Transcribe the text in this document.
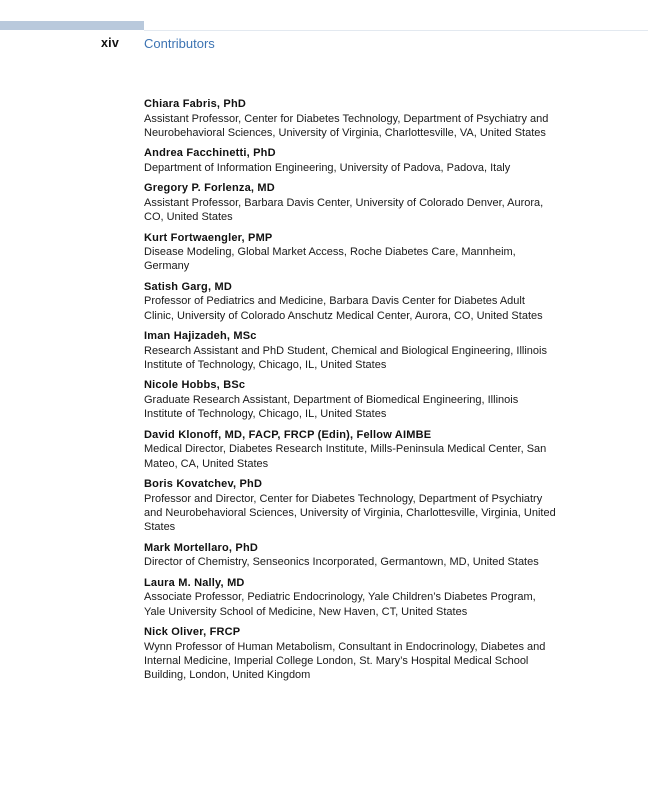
xiv Contributors
Chiara Fabris, PhD
Assistant Professor, Center for Diabetes Technology, Department of Psychiatry and Neurobehavioral Sciences, University of Virginia, Charlottesville, VA, United States
Andrea Facchinetti, PhD
Department of Information Engineering, University of Padova, Padova, Italy
Gregory P. Forlenza, MD
Assistant Professor, Barbara Davis Center, University of Colorado Denver, Aurora, CO, United States
Kurt Fortwaengler, PMP
Disease Modeling, Global Market Access, Roche Diabetes Care, Mannheim, Germany
Satish Garg, MD
Professor of Pediatrics and Medicine, Barbara Davis Center for Diabetes Adult Clinic, University of Colorado Anschutz Medical Center, Aurora, CO, United States
Iman Hajizadeh, MSc
Research Assistant and PhD Student, Chemical and Biological Engineering, Illinois Institute of Technology, Chicago, IL, United States
Nicole Hobbs, BSc
Graduate Research Assistant, Department of Biomedical Engineering, Illinois Institute of Technology, Chicago, IL, United States
David Klonoff, MD, FACP, FRCP (Edin), Fellow AIMBE
Medical Director, Diabetes Research Institute, Mills-Peninsula Medical Center, San Mateo, CA, United States
Boris Kovatchev, PhD
Professor and Director, Center for Diabetes Technology, Department of Psychiatry and Neurobehavioral Sciences, University of Virginia, Charlottesville, Virginia, United States
Mark Mortellaro, PhD
Director of Chemistry, Senseonics Incorporated, Germantown, MD, United States
Laura M. Nally, MD
Associate Professor, Pediatric Endocrinology, Yale Children’s Diabetes Program, Yale University School of Medicine, New Haven, CT, United States
Nick Oliver, FRCP
Wynn Professor of Human Metabolism, Consultant in Endocrinology, Diabetes and Internal Medicine, Imperial College London, St. Mary’s Hospital Medical School Building, London, United Kingdom
